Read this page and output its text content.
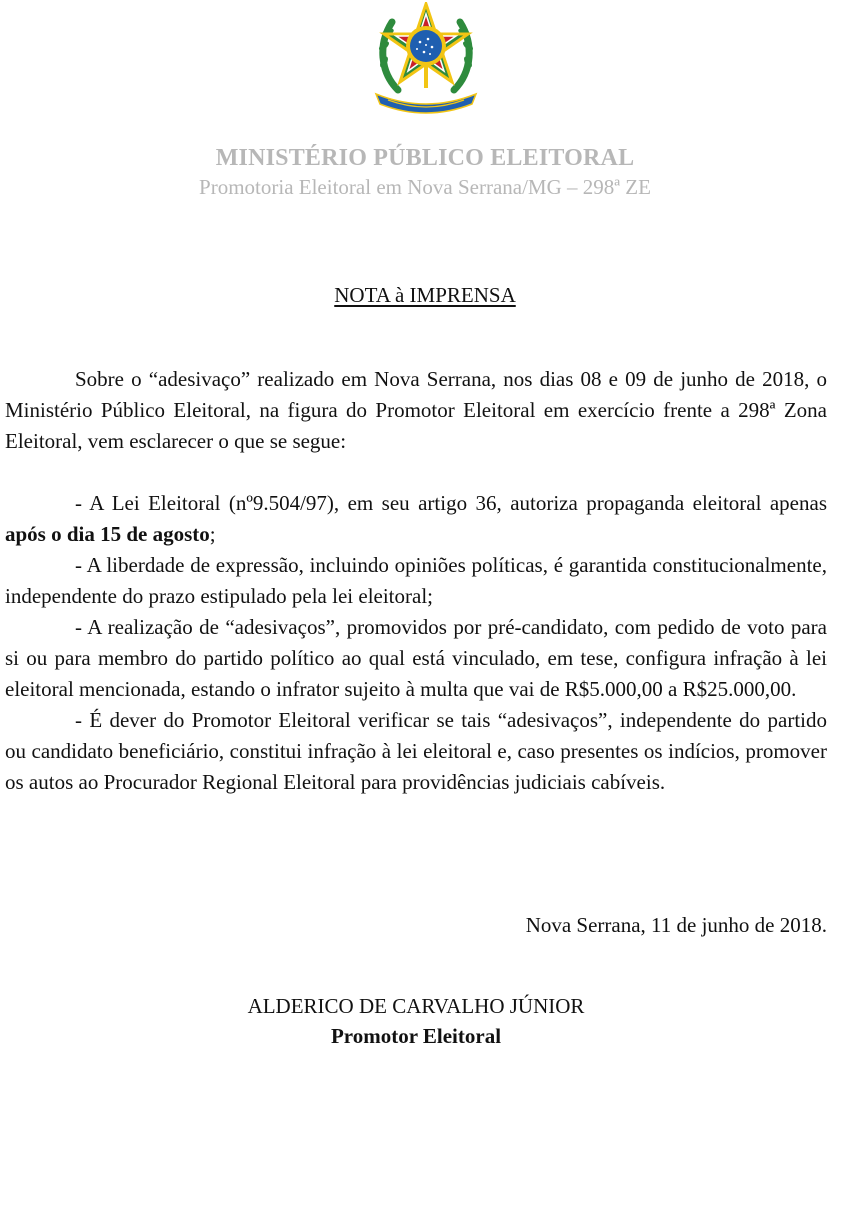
MINISTÉRIO PÚBLICO ELEITORAL
Promotoria Eleitoral em Nova Serrana/MG – 298ª ZE
NOTA à IMPRENSA

Sobre o “adesivaço” realizado em Nova Serrana, nos dias 08 e 09 de junho de 2018, o Ministério Público Eleitoral, na figura do Promotor Eleitoral em exercício frente a 298ª Zona Eleitoral, vem esclarecer o que se segue:

- A Lei Eleitoral (nº9.504/97), em seu artigo 36, autoriza propaganda eleitoral apenas após o dia 15 de agosto;

- A liberdade de expressão, incluindo opiniões políticas, é garantida constitucionalmente, independente do prazo estipulado pela lei eleitoral;

- A realização de “adesivaços”, promovidos por pré-candidato, com pedido de voto para si ou para membro do partido político ao qual está vinculado, em tese, configura infração à lei eleitoral mencionada, estando o infrator sujeito à multa que vai de R$5.000,00 a R$25.000,00.

- É dever do Promotor Eleitoral verificar se tais “adesivaços”, independente do partido ou candidato beneficiário, constitui infração à lei eleitoral e, caso presentes os indícios, promover os autos ao Procurador Regional Eleitoral para providências judiciais cabíveis.

Nova Serrana, 11 de junho de 2018.
ALDERICO DE CARVALHO JÚNIOR
Promotor Eleitoral
